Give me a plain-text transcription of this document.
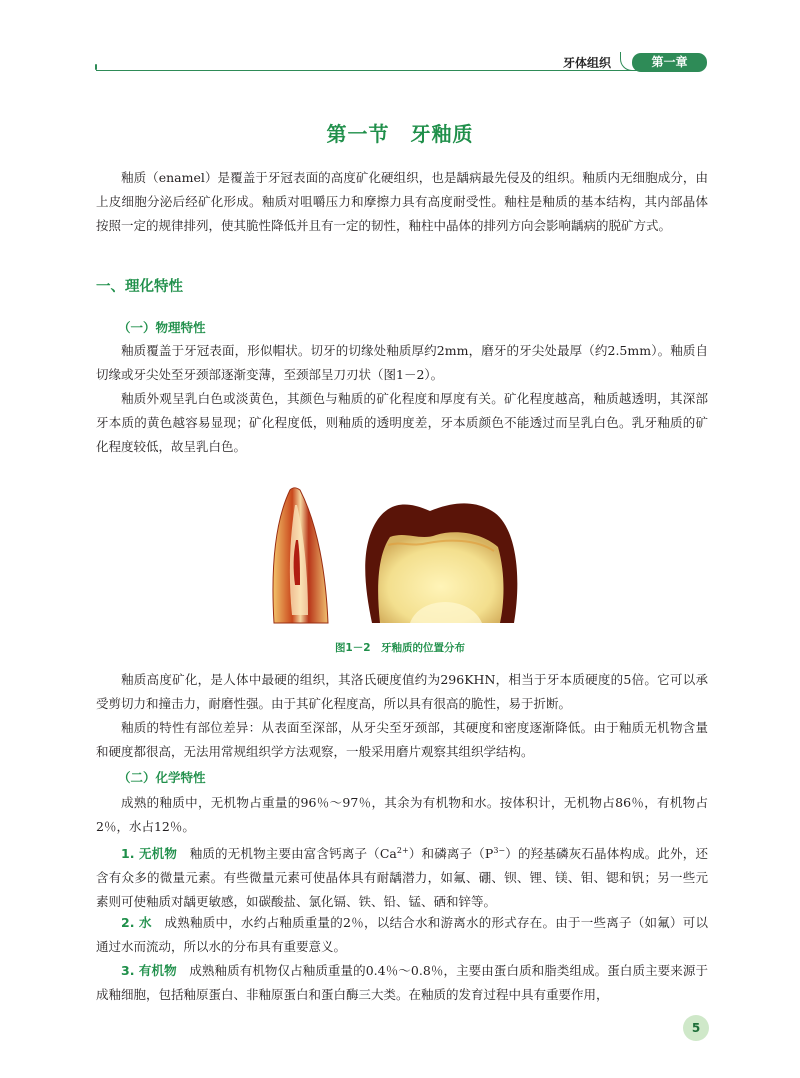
牙体组织	第一章
第一节　牙釉质

釉质（enamel）是覆盖于牙冠表面的高度矿化硬组织，也是龋病最先侵及的组织。釉质内无细胞成分，由上皮细胞分泌后经矿化形成。釉质对咀嚼压力和摩擦力具有高度耐受性。釉柱是釉质的基本结构，其内部晶体按照一定的规律排列，使其脆性降低并且有一定的韧性，釉柱中晶体的排列方向会影响龋病的脱矿方式。

一、理化特性
（一）物理特性

釉质覆盖于牙冠表面，形似帽状。切牙的切缘处釉质厚约2mm，磨牙的牙尖处最厚（约2.5mm）。釉质自切缘或牙尖处至牙颈部逐渐变薄，至颈部呈刀刃状（图1－2）。

釉质外观呈乳白色或淡黄色，其颜色与釉质的矿化程度和厚度有关。矿化程度越高，釉质越透明，其深部牙本质的黄色越容易显现；矿化程度低，则釉质的透明度差，牙本质颜色不能透过而呈乳白色。乳牙釉质的矿化程度较低，故呈乳白色。

图1－2　牙釉质的位置分布

釉质高度矿化，是人体中最硬的组织，其洛氏硬度值约为296KHN，相当于牙本质硬度的5倍。它可以承受剪切力和撞击力，耐磨性强。由于其矿化程度高，所以具有很高的脆性，易于折断。

釉质的特性有部位差异：从表面至深部，从牙尖至牙颈部，其硬度和密度逐渐降低。由于釉质无机物含量和硬度都很高，无法用常规组织学方法观察，一般采用磨片观察其组织学结构。

（二）化学特性

成熟的釉质中，无机物占重量的96％～97％，其余为有机物和水。按体积计，无机物占86％，有机物占2％，水占12％。

1. 无机物　 釉质的无机物主要由富含钙离子$(Ca^{2+})$和磷离子$(P^{3-})$的羟基磷灰石晶体构成。此外，还含有众多的微量元素。有些微量元素可使晶体具有耐龋潜力，如氟、硼、钡、锂、镁、钼、锶和钒；另一些元素则可使釉质对龋更敏感，如碳酸盐、氯化镉、铁、铅、锰、硒和锌等。

2. 水　 成熟釉质中，水约占釉质重量的2％，以结合水和游离水的形式存在。由于一些离子（如氟）可以通过水而流动，所以水的分布具有重要意义。

3. 有机物　 成熟釉质有机物仅占釉质重量的0.4％～0.8％，主要由蛋白质和脂类组成。蛋白质主要来源于成釉细胞，包括釉原蛋白、非釉原蛋白和蛋白酶三大类。在釉质的发育过程中具有重要作用，

5
